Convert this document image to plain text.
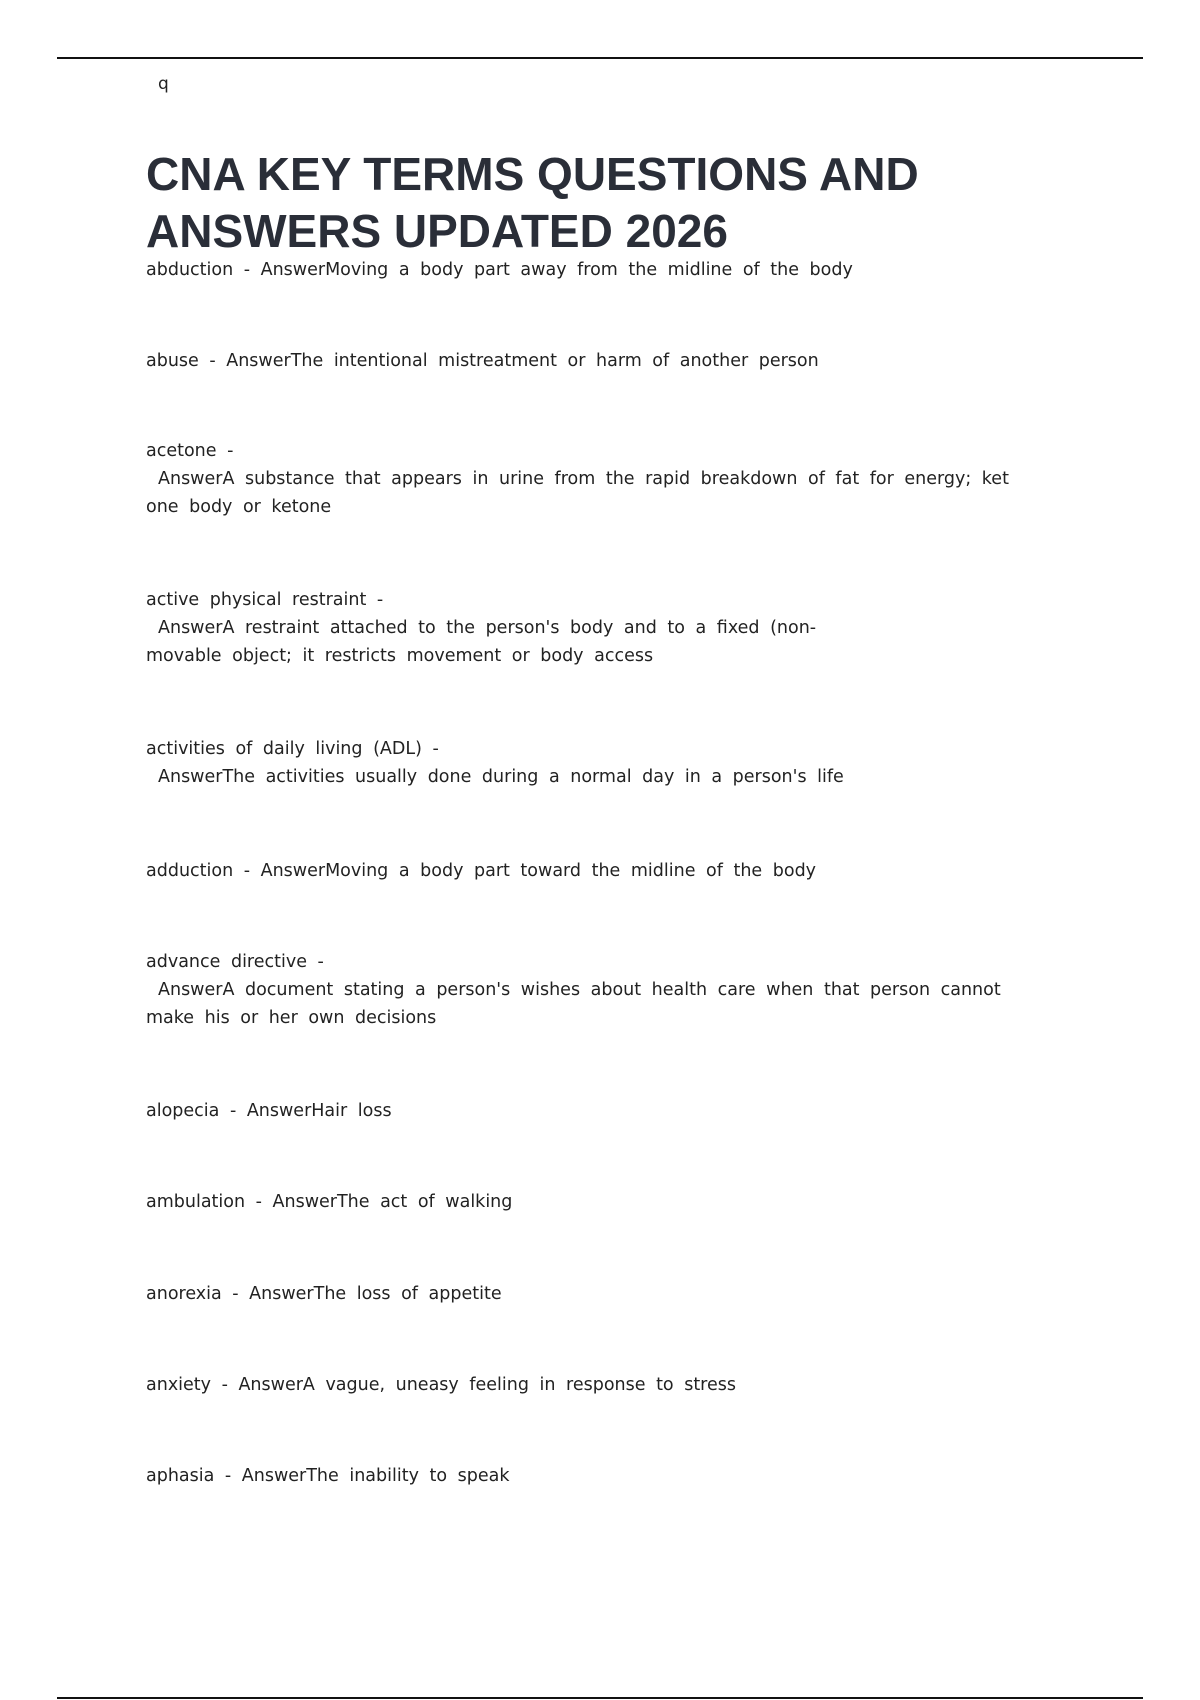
q
CNA KEY TERMS QUESTIONS AND ANSWERS UPDATED 2026
abduction - AnswerMoving a body part away from the midline of the body
abuse - AnswerThe intentional mistreatment or harm of another person
acetone -
AnswerA substance that appears in urine from the rapid breakdown of fat for energy; ket
one body or ketone
active physical restraint -
AnswerA restraint attached to the person's body and to a fixed (non-
movable object; it restricts movement or body access
activities of daily living (ADL) -
AnswerThe activities usually done during a normal day in a person's life
adduction - AnswerMoving a body part toward the midline of the body
advance directive -
AnswerA document stating a person's wishes about health care when that person cannot
make his or her own decisions
alopecia - AnswerHair loss
ambulation - AnswerThe act of walking
anorexia - AnswerThe loss of appetite
anxiety - AnswerA vague, uneasy feeling in response to stress
aphasia - AnswerThe inability to speak
